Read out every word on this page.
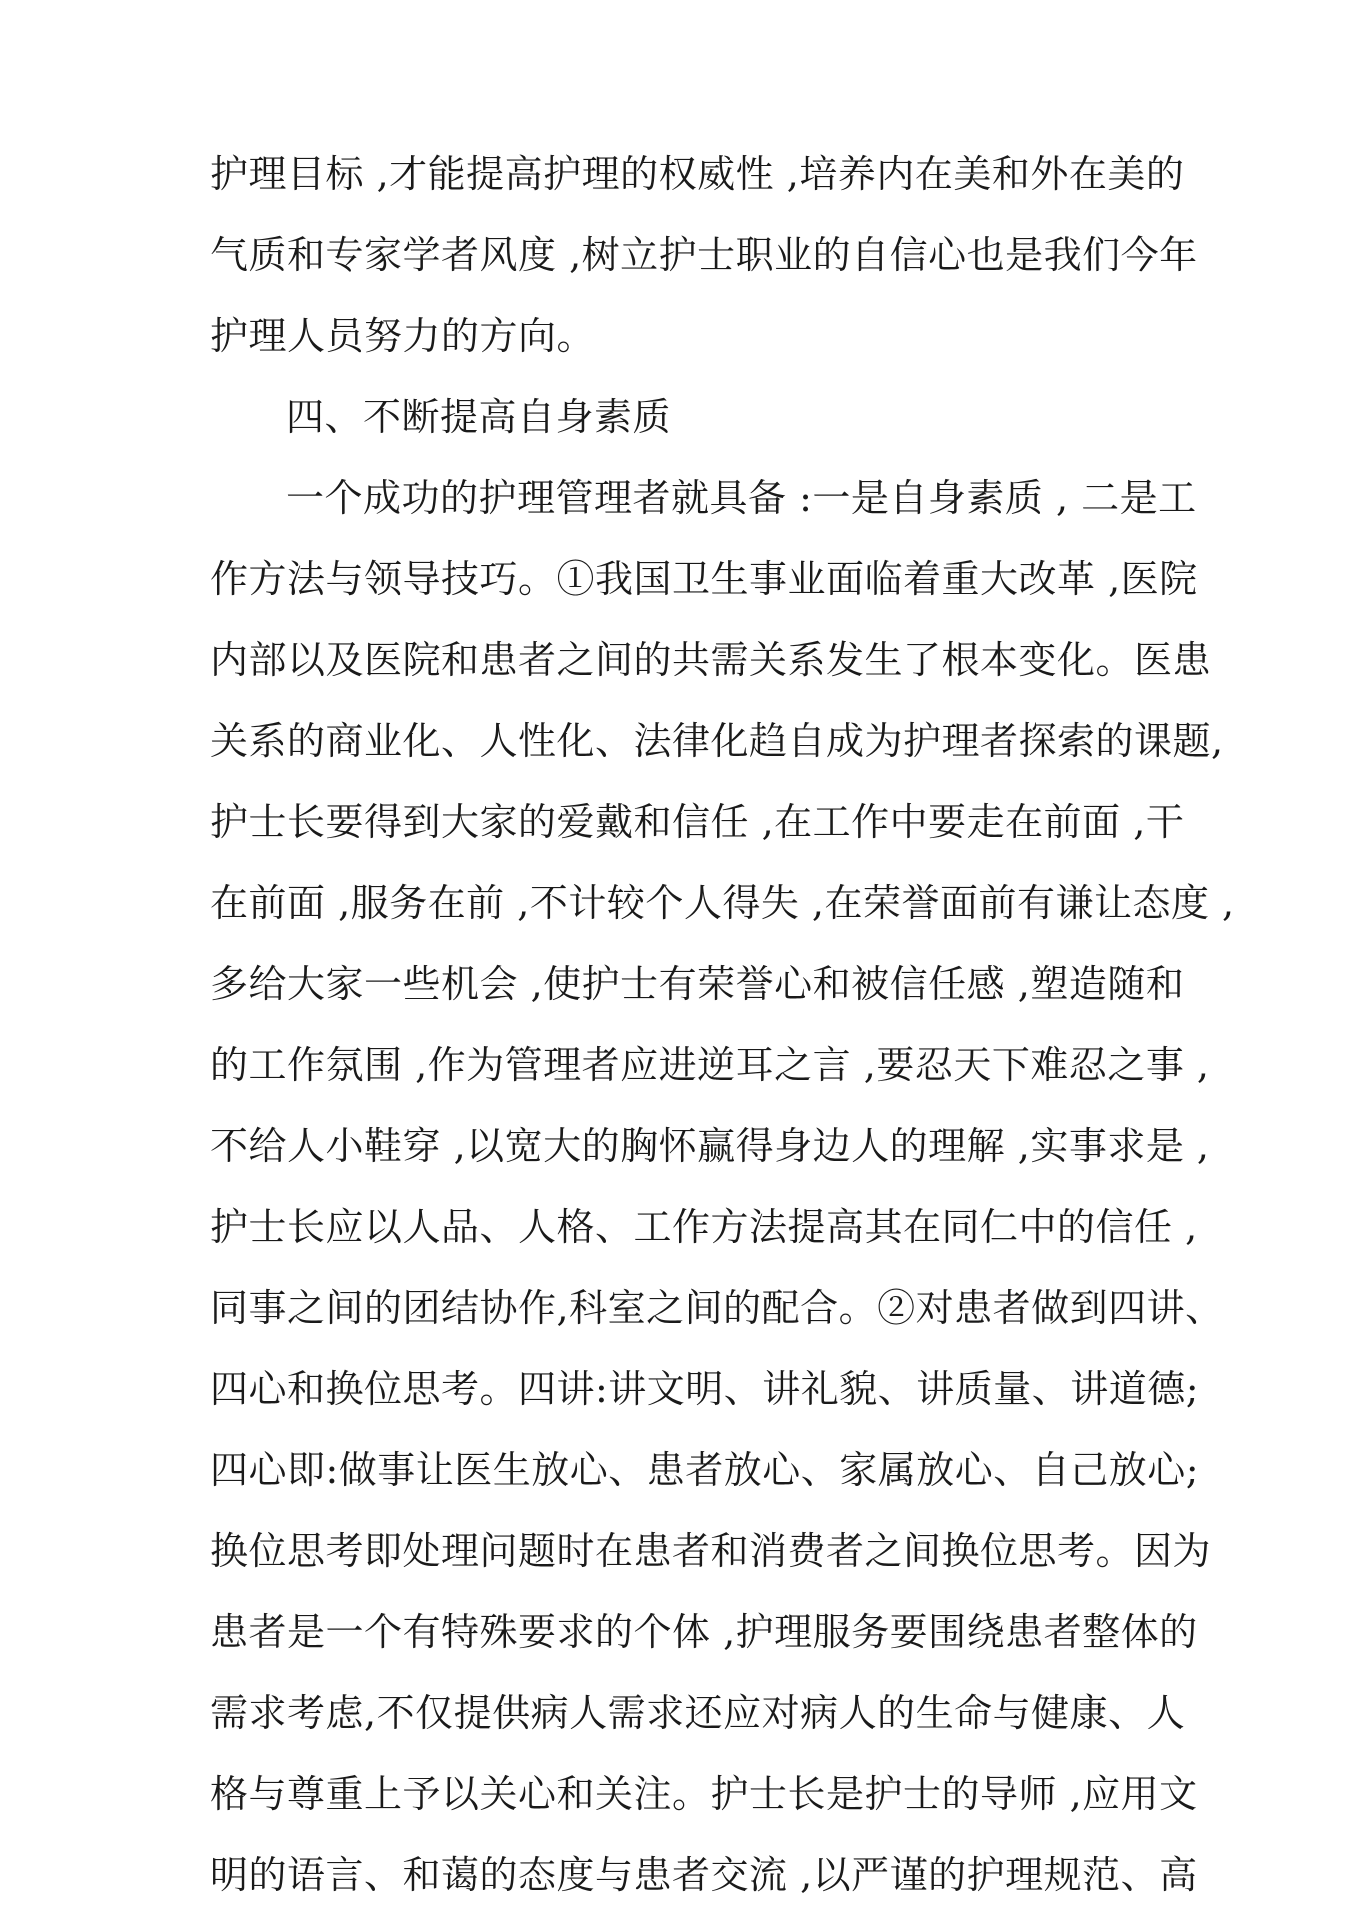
护理目标 ,才能提高护理的权威性 ,培养内在美和外在美的
气质和专家学者风度 ,树立护士职业的自信心也是我们今年
护理人员努力的方向。
四、不断提高自身素质
一个成功的护理管理者就具备 :一是自身素质 , 二是工
作方法与领导技巧。①我国卫生事业面临着重大改革 ,医院
内部以及医院和患者之间的共需关系发生了根本变化。医患
关系的商业化、人性化、法律化趋自成为护理者探索的课题,
护士长要得到大家的爱戴和信任 ,在工作中要走在前面 ,干
在前面 ,服务在前 ,不计较个人得失 ,在荣誉面前有谦让态度 ,
多给大家一些机会 ,使护士有荣誉心和被信任感 ,塑造随和
的工作氛围 ,作为管理者应进逆耳之言 ,要忍天下难忍之事 ,
不给人小鞋穿 ,以宽大的胸怀赢得身边人的理解 ,实事求是 ,
护士长应以人品、人格、工作方法提高其在同仁中的信任 ,
同事之间的团结协作,科室之间的配合。②对患者做到四讲、
四心和换位思考。四讲:讲文明、讲礼貌、讲质量、讲道德;
四心即:做事让医生放心、患者放心、家属放心、自己放心;
换位思考即处理问题时在患者和消费者之间换位思考。因为
患者是一个有特殊要求的个体 ,护理服务要围绕患者整体的
需求考虑,不仅提供病人需求还应对病人的生命与健康、人
格与尊重上予以关心和关注。护士长是护士的导师 ,应用文
明的语言、和蔼的态度与患者交流 ,以严谨的护理规范、高
